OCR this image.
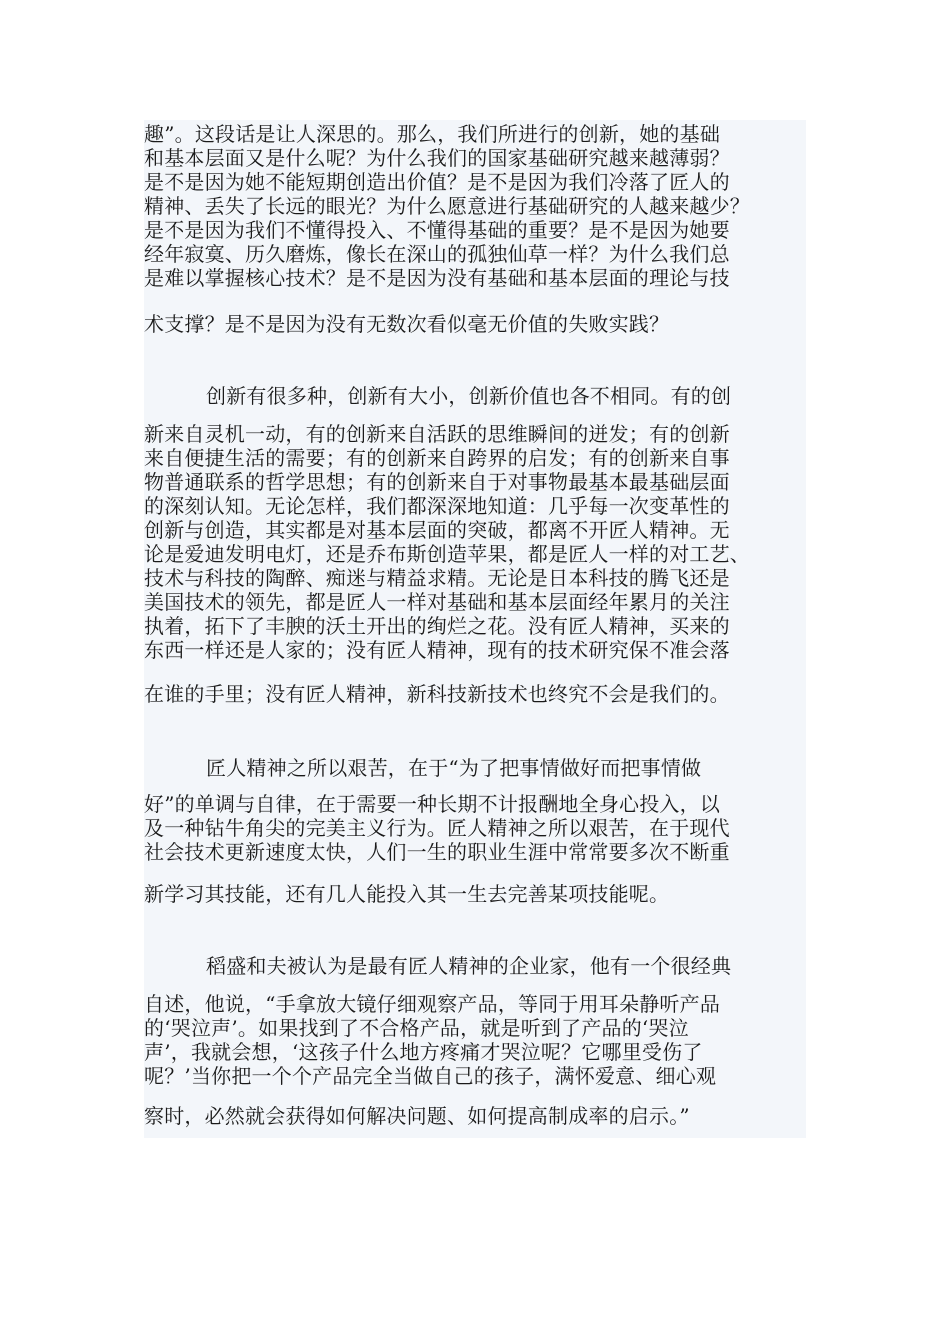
趣”。这段话是让人深思的。那么，我们所进行的创新，她的基础
和基本层面又是什么呢？为什么我们的国家基础研究越来越薄弱？
是不是因为她不能短期创造出价值？是不是因为我们冷落了匠人的
精神、丢失了长远的眼光？为什么愿意进行基础研究的人越来越少？
是不是因为我们不懂得投入、不懂得基础的重要？是不是因为她要
经年寂寞、历久磨炼，像长在深山的孤独仙草一样？为什么我们总
是难以掌握核心技术？是不是因为没有基础和基本层面的理论与技
术支撑？是不是因为没有无数次看似毫无价值的失败实践？
创新有很多种，创新有大小，创新价值也各不相同。有的创
新来自灵机一动，有的创新来自活跃的思维瞬间的迸发；有的创新
来自便捷生活的需要；有的创新来自跨界的启发；有的创新来自事
物普通联系的哲学思想；有的创新来自于对事物最基本最基础层面
的深刻认知。无论怎样，我们都深深地知道：几乎每一次变革性的
创新与创造，其实都是对基本层面的突破，都离不开匠人精神。无
论是爱迪发明电灯，还是乔布斯创造苹果，都是匠人一样的对工艺、
技术与科技的陶醉、痴迷与精益求精。无论是日本科技的腾飞还是
美国技术的领先，都是匠人一样对基础和基本层面经年累月的关注
执着，拓下了丰腴的沃土开出的绚烂之花。没有匠人精神，买来的
东西一样还是人家的；没有匠人精神，现有的技术研究保不准会落
在谁的手里；没有匠人精神，新科技新技术也终究不会是我们的。
匠人精神之所以艰苦，在于“为了把事情做好而把事情做
好”的单调与自律，在于需要一种长期不计报酬地全身心投入，以
及一种钻牛角尖的完美主义行为。匠人精神之所以艰苦，在于现代
社会技术更新速度太快，人们一生的职业生涯中常常要多次不断重
新学习其技能，还有几人能投入其一生去完善某项技能呢。
稻盛和夫被认为是最有匠人精神的企业家，他有一个很经典
自述，他说，“手拿放大镜仔细观察产品，等同于用耳朵静听产品
的‘哭泣声’。如果找到了不合格产品，就是听到了产品的‘哭泣
声’，我就会想，‘这孩子什么地方疼痛才哭泣呢？它哪里受伤了
呢？’当你把一个个产品完全当做自己的孩子，满怀爱意、细心观
察时，必然就会获得如何解决问题、如何提高制成率的启示。”
